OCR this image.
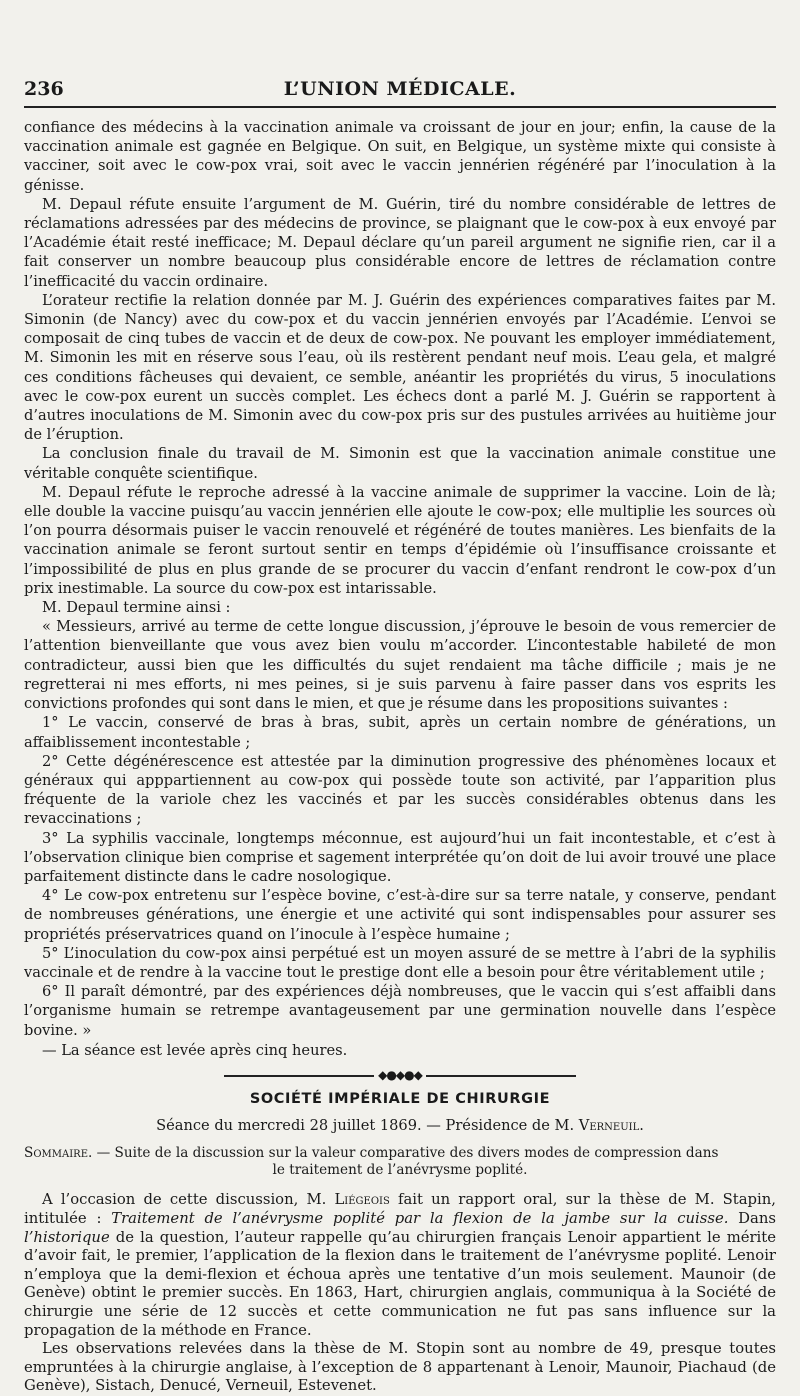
236	L’UNION MÉDICALE.

confiance des médecins à la vaccination animale va croissant de jour en jour; enfin, la cause de la vaccination animale est gagnée en Belgique. On suit, en Belgique, un système mixte qui consiste à vacciner, soit avec le cow-pox vrai, soit avec le vaccin jennérien régénéré par l’inoculation à la génisse.

M. Depaul réfute ensuite l’argument de M. Guérin, tiré du nombre considérable de lettres de réclamations adressées par des médecins de province, se plaignant que le cow-pox à eux envoyé par l’Académie était resté inefficace; M. Depaul déclare qu’un pareil argument ne signifie rien, car il a fait conserver un nombre beaucoup plus considérable encore de lettres de réclamation contre l’inefficacité du vaccin ordinaire.

L’orateur rectifie la relation donnée par M. J. Guérin des expériences comparatives faites par M. Simonin (de Nancy) avec du cow-pox et du vaccin jennérien envoyés par l’Académie. L’envoi se composait de cinq tubes de vaccin et de deux de cow-pox. Ne pouvant les employer immédiatement, M. Simonin les mit en réserve sous l’eau, où ils restèrent pendant neuf mois. L’eau gela, et malgré ces conditions fâcheuses qui devaient, ce semble, anéantir les propriétés du virus, 5 inoculations avec le cow-pox eurent un succès complet. Les échecs dont a parlé M. J. Guérin se rapportent à d’autres inoculations de M. Simonin avec du cow-pox pris sur des pustules arrivées au huitième jour de l’éruption.

La conclusion finale du travail de M. Simonin est que la vaccination animale constitue une véritable conquête scientifique.

M. Depaul réfute le reproche adressé à la vaccine animale de supprimer la vaccine. Loin de là; elle double la vaccine puisqu’au vaccin jennérien elle ajoute le cow-pox; elle multiplie les sources où l’on pourra désormais puiser le vaccin renouvelé et régénéré de toutes manières. Les bienfaits de la vaccination animale se feront surtout sentir en temps d’épidémie où l’insuffisance croissante et l’impossibilité de plus en plus grande de se procurer du vaccin d’enfant rendront le cow-pox d’un prix inestimable. La source du cow-pox est intarissable.

M. Depaul termine ainsi :

« Messieurs, arrivé au terme de cette longue discussion, j’éprouve le besoin de vous remercier de l’attention bienveillante que vous avez bien voulu m’accorder. L’incontestable habileté de mon contradicteur, aussi bien que les difficultés du sujet rendaient ma tâche difficile ; mais je ne regretterai ni mes efforts, ni mes peines, si je suis parvenu à faire passer dans vos esprits les convictions profondes qui sont dans le mien, et que je résume dans les propositions suivantes :

1° Le vaccin, conservé de bras à bras, subit, après un certain nombre de générations, un affaiblissement incontestable ;

2° Cette dégénérescence est attestée par la diminution progressive des phénomènes locaux et généraux qui apppartiennent au cow-pox qui possède toute son activité, par l’apparition plus fréquente de la variole chez les vaccinés et par les succès considérables obtenus dans les revaccinations ;

3° La syphilis vaccinale, longtemps méconnue, est aujourd’hui un fait incontestable, et c’est à l’observation clinique bien comprise et sagement interprétée qu’on doit de lui avoir trouvé une place parfaitement distincte dans le cadre nosologique.

4° Le cow-pox entretenu sur l’espèce bovine, c’est-à-dire sur sa terre natale, y conserve, pendant de nombreuses générations, une énergie et une activité qui sont indispensables pour assurer ses propriétés préservatrices quand on l’inocule à l’espèce humaine ;

5° L’inoculation du cow-pox ainsi perpétué est un moyen assuré de se mettre à l’abri de la syphilis vaccinale et de rendre à la vaccine tout le prestige dont elle a besoin pour être véritablement utile ;

6° Il paraît démontré, par des expériences déjà nombreuses, que le vaccin qui s’est affaibli dans l’organisme humain se retrempe avantageusement par une germination nouvelle dans l’espèce bovine. »

— La séance est levée après cinq heures.

◆●◆●◆
SOCIÉTÉ IMPÉRIALE DE CHIRURGIE
Séance du mercredi 28 juillet 1869. — Présidence de M. Verneuil.
Sommaire. — Suite de la discussion sur la valeur comparative des divers modes de compression dans
le traitement de l’anévrysme poplité.

A l’occasion de cette discussion, M. Liégeois fait un rapport oral, sur la thèse de M. Stapin, intitulée : Traitement de l’anévrysme poplité par la flexion de la jambe sur la cuisse. Dans l’historique de la question, l’auteur rappelle qu’au chirurgien français Lenoir appartient le mérite d’avoir fait, le premier, l’application de la flexion dans le traitement de l’anévrysme poplité. Lenoir n’employa que la demi-flexion et échoua après une tentative d’un mois seulement. Maunoir (de Genève) obtint le premier succès. En 1863, Hart, chirurgien anglais, communiqua à la Société de chirurgie une série de 12 succès et cette communication ne fut pas sans influence sur la propagation de la méthode en France.

Les observations relevées dans la thèse de M. Stopin sont au nombre de 49, presque toutes empruntées à la chirurgie anglaise, à l’exception de 8 appartenant à Lenoir, Maunoir, Piachaud (de Genève), Sistach, Denucé, Verneuil, Estevenet.
